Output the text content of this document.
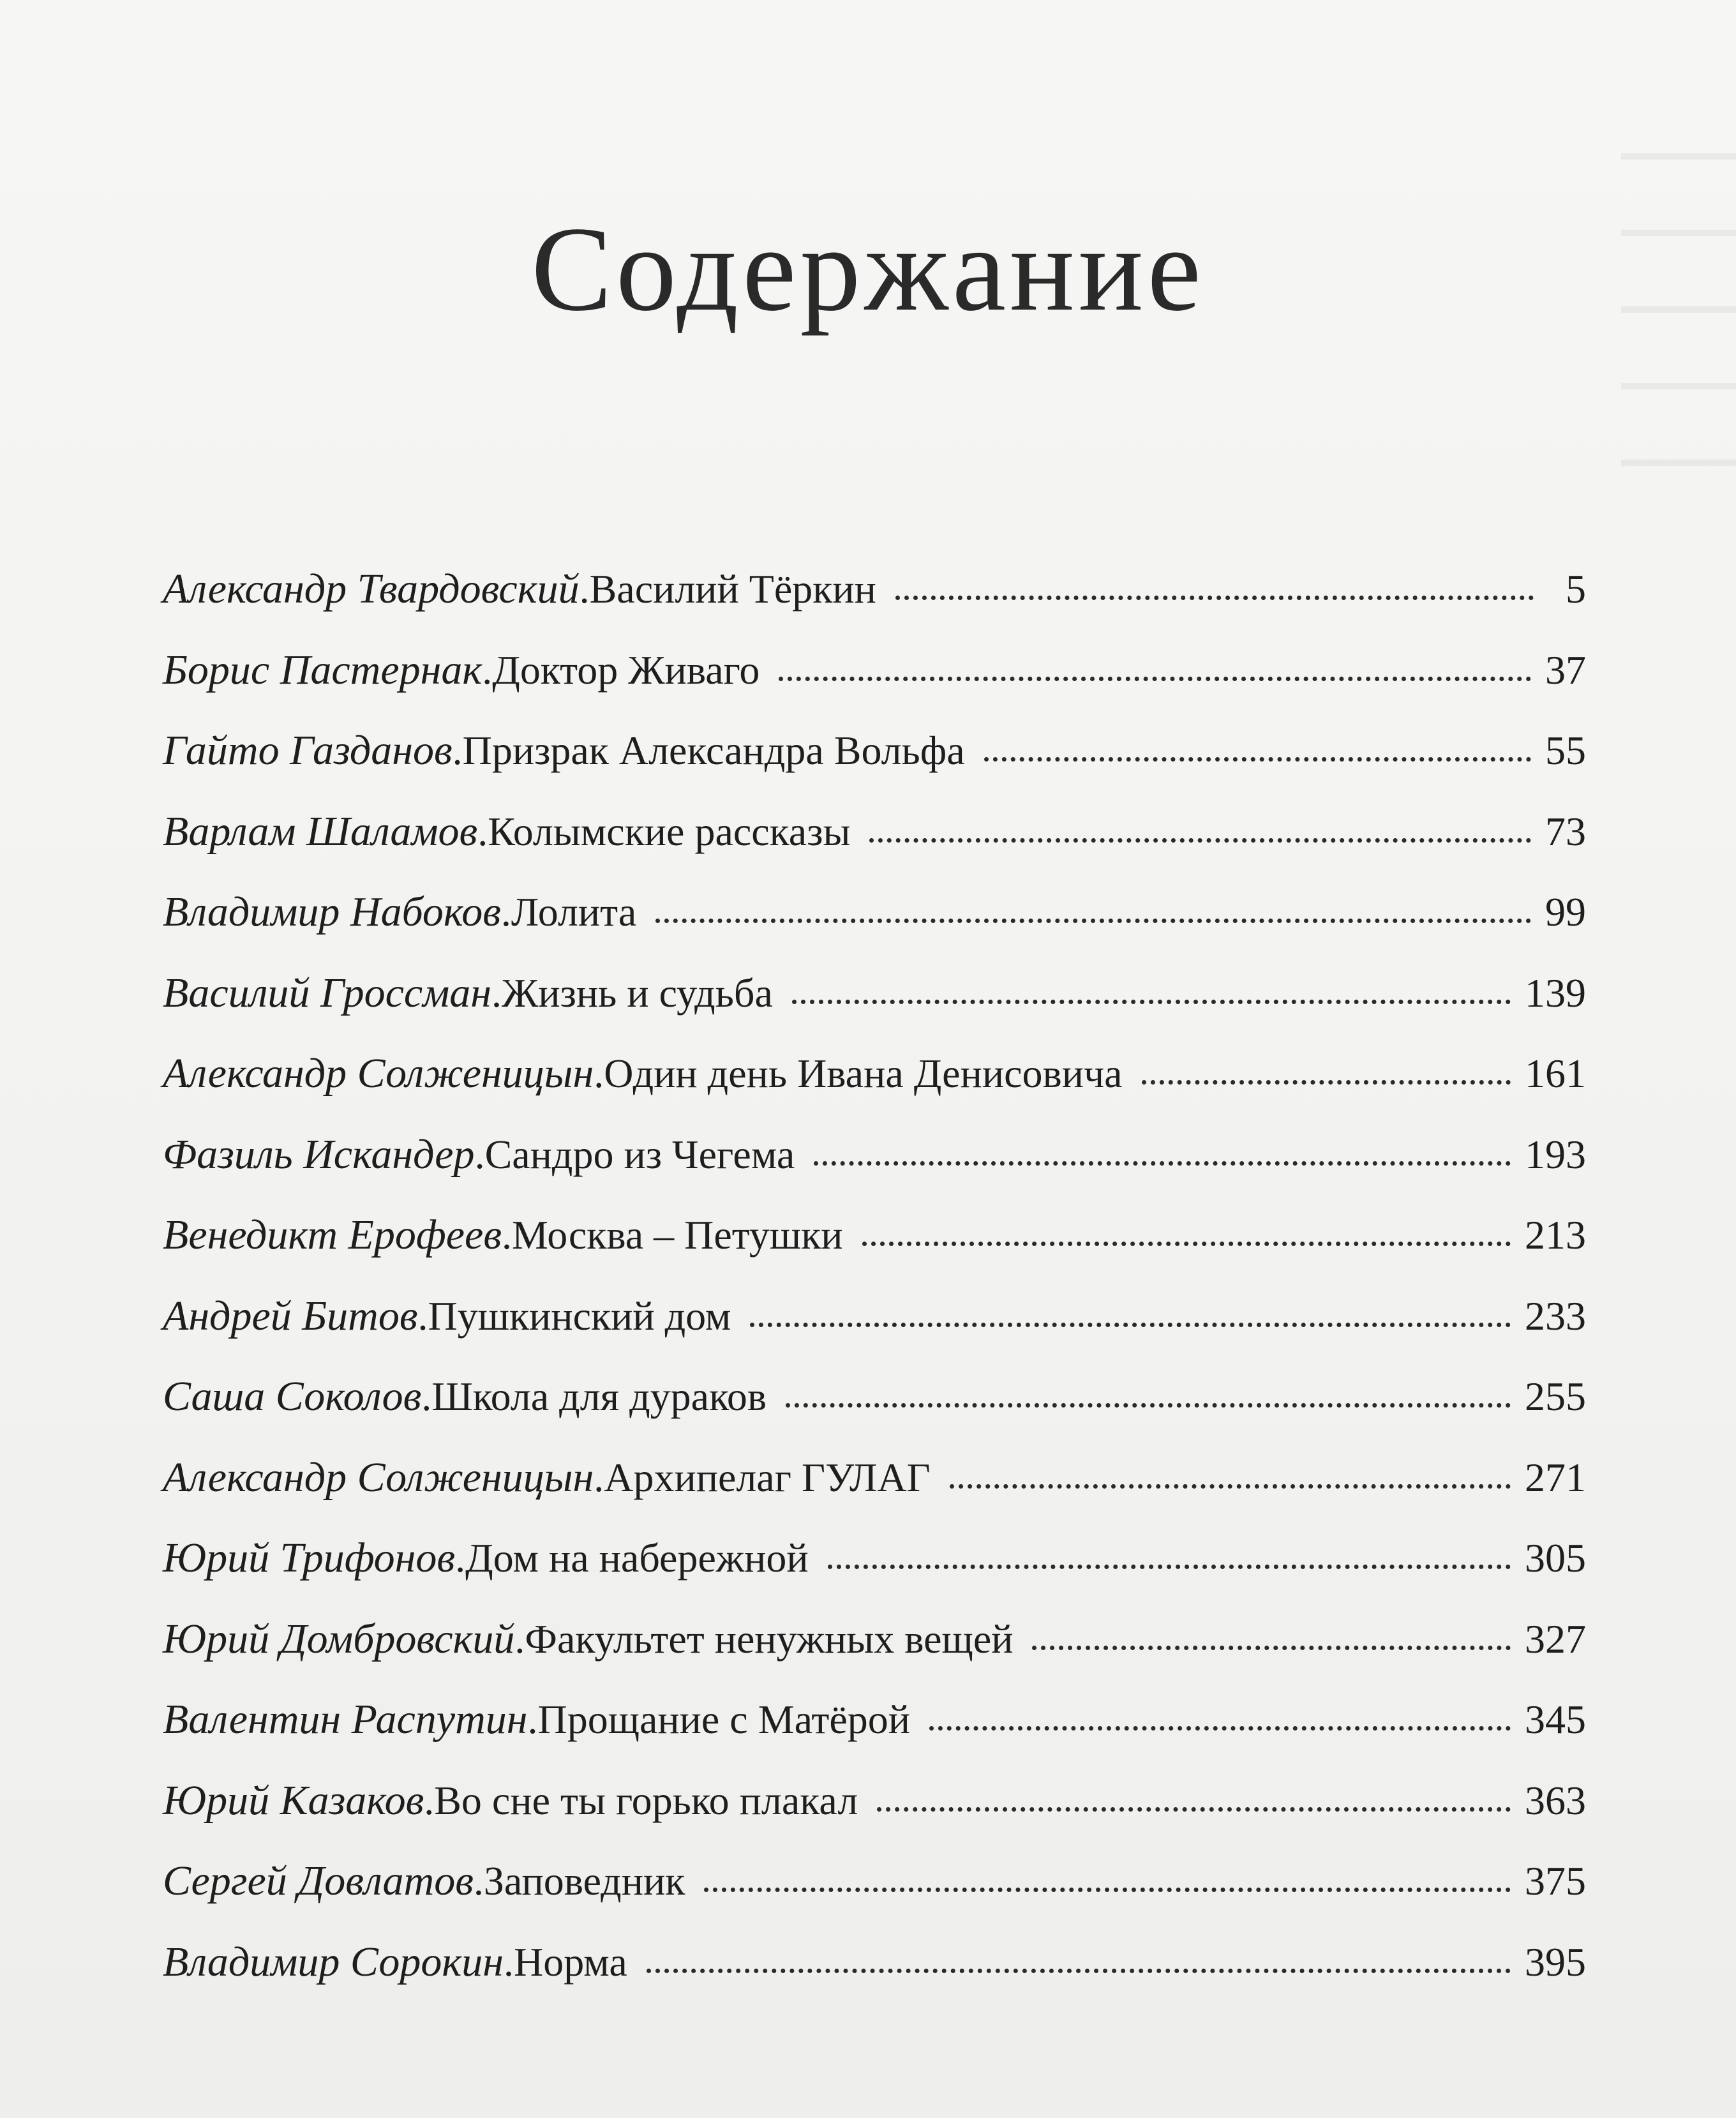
Содержание
Александр Твардовский . Василий Тёркин	5
Борис Пастернак . Доктор Живаго	37
Гайто Газданов . Призрак Александра Вольфа	55
Варлам Шаламов . Колымские рассказы	73
Владимир Набоков . Лолита	99
Василий Гроссман . Жизнь и судьба	139
Александр Солженицын . Один день Ивана Денисовича	161
Фазиль Искандер . Сандро из Чегема	193
Венедикт Ерофеев . Москва – Петушки	213
Андрей Битов . Пушкинский дом	233
Саша Соколов . Школа для дураков	255
Александр Солженицын . Архипелаг ГУЛАГ	271
Юрий Трифонов . Дом на набережной	305
Юрий Домбровский . Факультет ненужных вещей	327
Валентин Распутин . Прощание с Матёрой	345
Юрий Казаков . Во сне ты горько плакал	363
Сергей Довлатов . Заповедник	375
Владимир Сорокин . Норма	395
